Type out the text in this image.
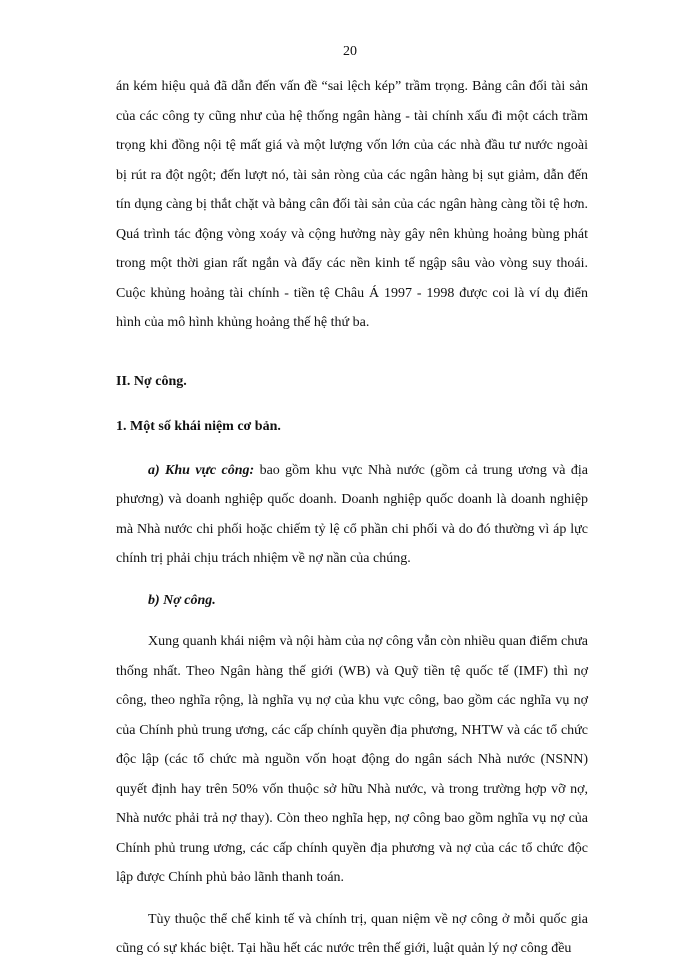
20

án kém hiệu quả đã dẫn đến vấn đề “sai lệch kép” trầm trọng. Bảng cân đối tài sản của các công ty cũng như của hệ thống ngân hàng - tài chính xấu đi một cách trầm trọng khi đồng nội tệ mất giá và một lượng vốn lớn của các nhà đầu tư nước ngoài bị rút ra đột ngột; đến lượt nó, tài sản ròng của các ngân hàng bị sụt giảm, dẫn đến tín dụng càng bị thắt chặt và bảng cân đối tài sản của các ngân hàng càng tồi tệ hơn. Quá trình tác động vòng xoáy và cộng hưởng này gây nên khủng hoảng bùng phát trong một thời gian rất ngắn và đẩy các nền kinh tế ngập sâu vào vòng suy thoái. Cuộc khủng hoảng tài chính - tiền tệ Châu Á 1997 - 1998 được coi là ví dụ điển hình của mô hình khủng hoảng thế hệ thứ ba.

II. Nợ công.
1. Một số khái niệm cơ bản.

a) Khu vực công: bao gồm khu vực Nhà nước (gồm cả trung ương và địa phương) và doanh nghiệp quốc doanh. Doanh nghiệp quốc doanh là doanh nghiệp mà Nhà nước chi phối hoặc chiếm tỷ lệ cổ phần chi phối và do đó thường vì áp lực chính trị phải chịu trách nhiệm về nợ nần của chúng.

b) Nợ công.

Xung quanh khái niệm và nội hàm của nợ công vẫn còn nhiều quan điểm chưa thống nhất. Theo Ngân hàng thế giới (WB) và Quỹ tiền tệ quốc tế (IMF) thì nợ công, theo nghĩa rộng, là nghĩa vụ nợ của khu vực công, bao gồm các nghĩa vụ nợ của Chính phủ trung ương, các cấp chính quyền địa phương, NHTW và các tổ chức độc lập (các tổ chức mà nguồn vốn hoạt động do ngân sách Nhà nước (NSNN) quyết định hay trên 50% vốn thuộc sở hữu Nhà nước, và trong trường hợp vỡ nợ, Nhà nước phải trả nợ thay). Còn theo nghĩa hẹp, nợ công bao gồm nghĩa vụ nợ của Chính phủ trung ương, các cấp chính quyền địa phương và nợ của các tổ chức độc lập được Chính phủ bảo lãnh thanh toán.

Tùy thuộc thể chế kinh tế và chính trị, quan niệm về nợ công ở mỗi quốc gia cũng có sự khác biệt. Tại hầu hết các nước trên thế giới, luật quản lý nợ công đều
